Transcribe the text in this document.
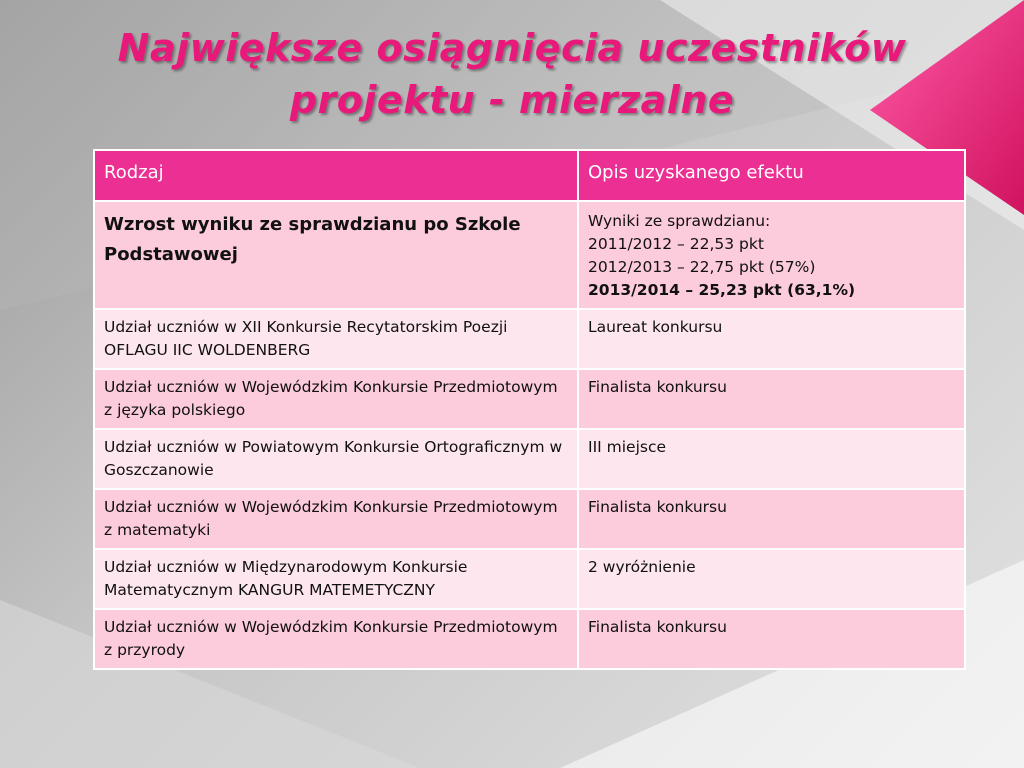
Największe osiągnięcia uczestników
projektu - mierzalne
Rodzaj	Opis uzyskanego efektu
Wzrost wyniku ze sprawdzianu po Szkole Podstawowej	Wyniki ze sprawdzianu:
2011/2012 – 22,53 pkt
2012/2013 – 22,75 pkt (57%)
2013/2014 – 25,23 pkt (63,1%)

Udział uczniów w XII Konkursie Recytatorskim Poezji OFLAGU IIC WOLDENBERG	Laureat konkursu
Udział uczniów w Wojewódzkim Konkursie Przedmiotowym z języka polskiego	Finalista konkursu
Udział uczniów w Powiatowym Konkursie Ortograficznym w Goszczanowie	III miejsce
Udział uczniów w Wojewódzkim Konkursie Przedmiotowym z matematyki	Finalista konkursu
Udział uczniów w Międzynarodowym Konkursie Matematycznym KANGUR MATEMETYCZNY	2 wyróżnienie
Udział uczniów w Wojewódzkim Konkursie Przedmiotowym z przyrody	Finalista konkursu
